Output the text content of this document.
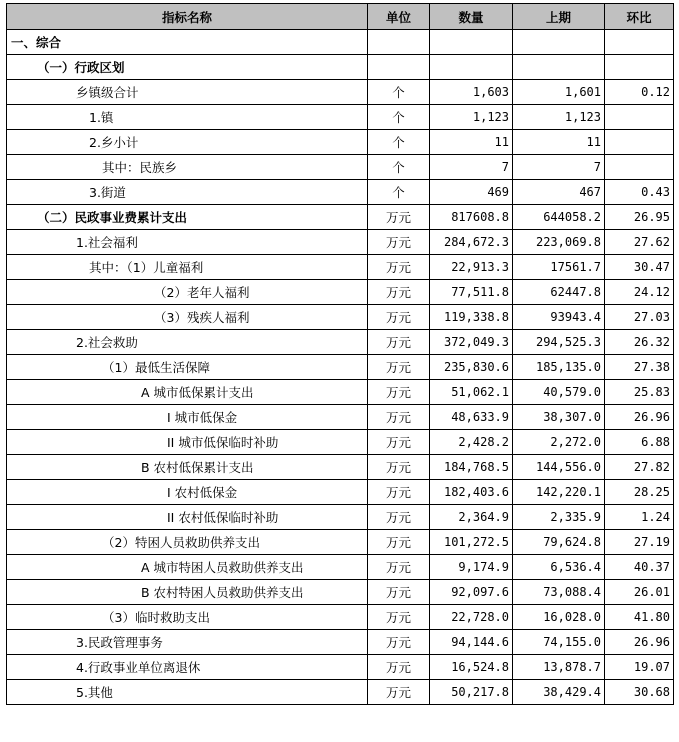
指标名称	单位	数量	上期	环比
一、综合				
（一）行政区划				
乡镇级合计	个	1,603	1,601	0.12
1.镇	个	1,123	1,123	
2.乡小计	个	11	11	
其中：民族乡	个	7	7	
3.街道	个	469	467	0.43
（二）民政事业费累计支出	万元	817608.8	644058.2	26.95
1.社会福利	万元	284,672.3	223,069.8	27.62
其中：（1）儿童福利	万元	22,913.3	17561.7	30.47
（2）老年人福利	万元	77,511.8	62447.8	24.12
（3）残疾人福利	万元	119,338.8	93943.4	27.03
2.社会救助	万元	372,049.3	294,525.3	26.32
（1）最低生活保障	万元	235,830.6	185,135.0	27.38
A 城市低保累计支出	万元	51,062.1	40,579.0	25.83
I 城市低保金	万元	48,633.9	38,307.0	26.96
II 城市低保临时补助	万元	2,428.2	2,272.0	6.88
B 农村低保累计支出	万元	184,768.5	144,556.0	27.82
I 农村低保金	万元	182,403.6	142,220.1	28.25
II 农村低保临时补助	万元	2,364.9	2,335.9	1.24
（2）特困人员救助供养支出	万元	101,272.5	79,624.8	27.19
A 城市特困人员救助供养支出	万元	9,174.9	6,536.4	40.37
B 农村特困人员救助供养支出	万元	92,097.6	73,088.4	26.01
（3）临时救助支出	万元	22,728.0	16,028.0	41.80
3.民政管理事务	万元	94,144.6	74,155.0	26.96
4.行政事业单位离退休	万元	16,524.8	13,878.7	19.07
5.其他	万元	50,217.8	38,429.4	30.68
